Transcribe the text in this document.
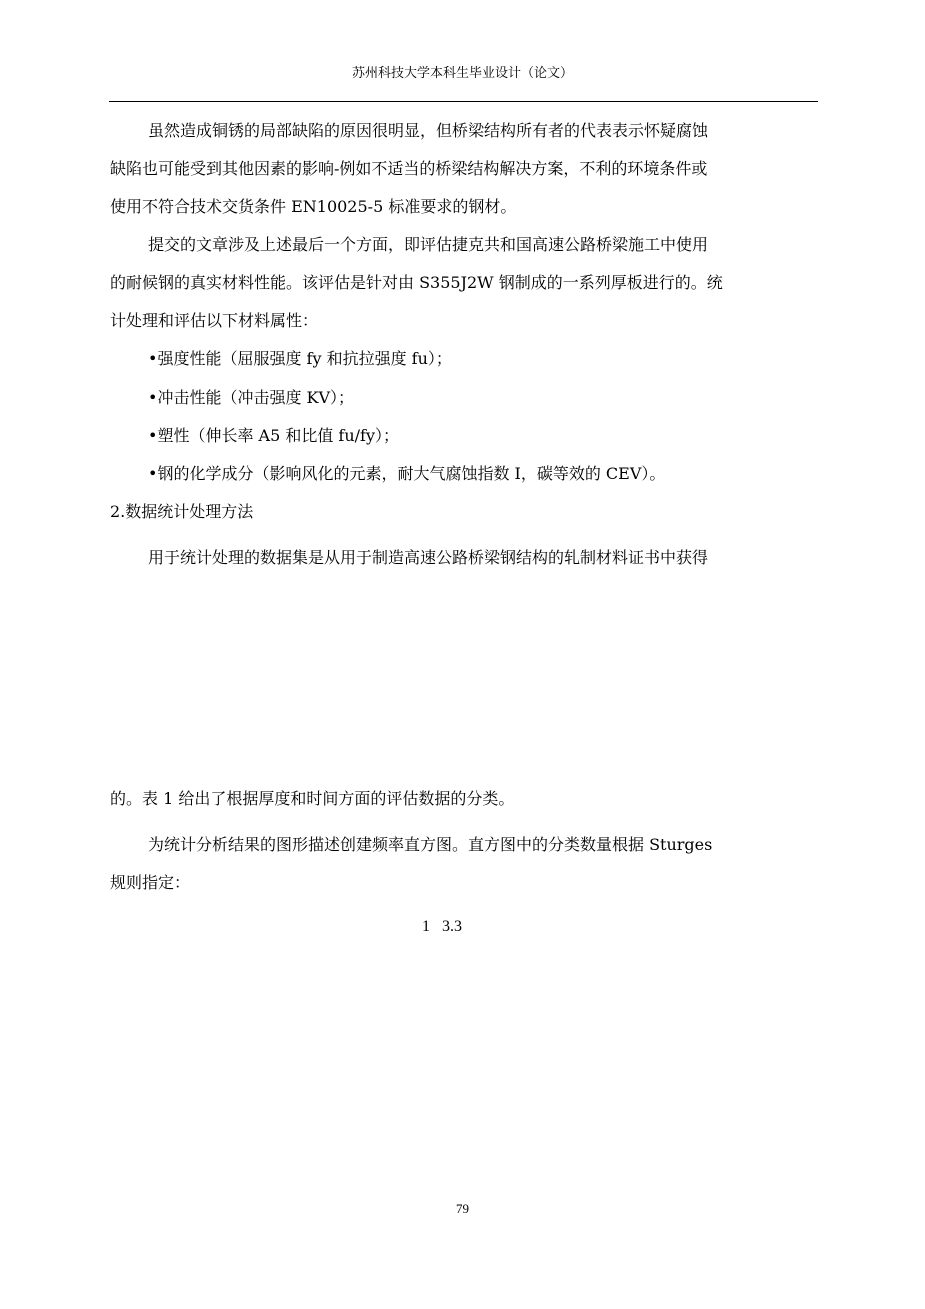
苏州科技大学本科生毕业设计（论文）
虽然造成铜锈的局部缺陷的原因很明显，但桥梁结构所有者的代表表示怀疑腐蚀
缺陷也可能受到其他因素的影响-例如不适当的桥梁结构解决方案，不利的环境条件或
使用不符合技术交货条件 EN10025-5 标准要求的钢材。
提交的文章涉及上述最后一个方面，即评估捷克共和国高速公路桥梁施工中使用
的耐候钢的真实材料性能。该评估是针对由 S355J2W 钢制成的一系列厚板进行的。统
计处理和评估以下材料属性：
•强度性能（屈服强度 fy 和抗拉强度 fu）；
•冲击性能（冲击强度 KV）；
•塑性（伸长率 A5 和比值 fu/fy）；
•钢的化学成分（影响风化的元素，耐大气腐蚀指数 I，碳等效的 CEV）。
2.数据统计处理方法
用于统计处理的数据集是从用于制造高速公路桥梁钢结构的轧制材料证书中获得
的。表 1 给出了根据厚度和时间方面的评估数据的分类。
为统计分析结果的图形描述创建频率直方图。直方图中的分类数量根据 Sturges
规则指定：
1   3.3
79
